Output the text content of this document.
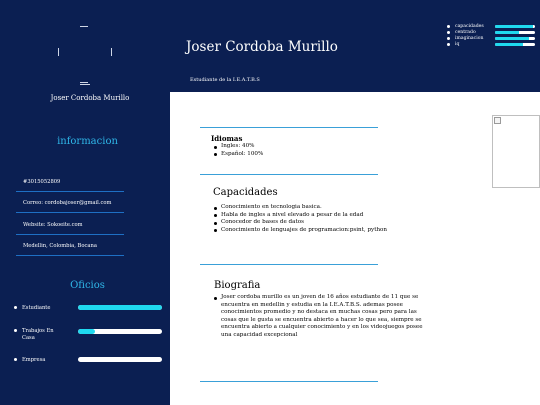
Joser Cordoba Murillo
informacion
#3015052809
Correo: cordobajoser@gmail.com
Website: Sokoeite.com
Medellin, Colombia, Bocana
Oficios
Estudiante
Trabajos En Casa
Empresa
Joser Cordoba Murillo
Estudiante de la I.E.A.T.B.S
capacidades
centrado
imaginacion
iq
Idiomas
Ingles: 40%
Español: 100%
Capacidades
Conocimiento en tecnologia basica.
Habla de ingles a nivel elevado a pesar de la edad
Conocedor de bases de datos
Conocimiento de lenguajes de programacion:psint, python
Biografia
Joser cordoba murillo es un joven de 16 años estudiante de 11 que se encuentra en medellin y estudia en la I.E.A.T.B.S. ademas posee conocimientos promedio y no destaca en muchas cosas pero para las cosas que le gusta se encuentra abierto a hacer lo que sea, siempre se encuentra abierto a cualquier conocimiento y en los videojuegos posee una capacidad excepcional
